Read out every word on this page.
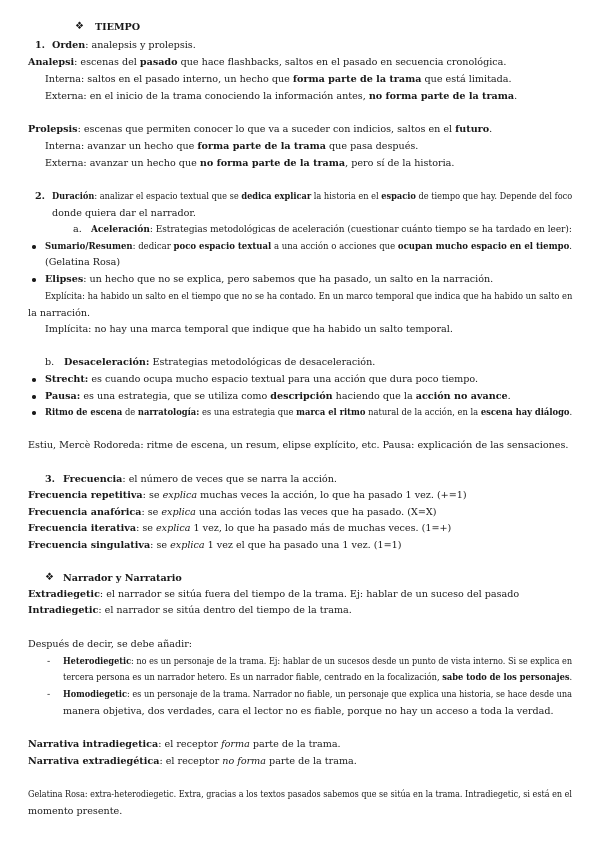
❖ TIEMPO
1. Orden: analepsis y prolepsis.
Analepsi: escenas del pasado que hace flashbacks, saltos en el pasado en secuencia cronológica.
Interna: saltos en el pasado interno, un hecho que forma parte de la trama que está limitada.
Externa: en el inicio de la trama conociendo la información antes, no forma parte de la trama.
Prolepsis: escenas que permiten conocer lo que va a suceder con indicios, saltos en el futuro.
Interna: avanzar un hecho que forma parte de la trama que pasa después.
Externa: avanzar un hecho que no forma parte de la trama, pero sí de la historia.
2. Duración: analizar el espacio textual que se dedica explicar la historia en el espacio de tiempo que hay. Depende del foco
donde quiera dar el narrador.
a. Aceleración: Estrategias metodológicas de aceleración (cuestionar cuánto tiempo se ha tardado en leer):
Sumario/Resumen: dedicar poco espacio textual a una acción o acciones que ocupan mucho espacio en el tiempo.
(Gelatina Rosa)
Elipses: un hecho que no se explica, pero sabemos que ha pasado, un salto en la narración.
Explícita: ha habido un salto en el tiempo que no se ha contado. En un marco temporal que indica que ha habido un salto en
la narración.
Implícita: no hay una marca temporal que indique que ha habido un salto temporal.
b. Desaceleración: Estrategias metodológicas de desaceleración.
Strecht: es cuando ocupa mucho espacio textual para una acción que dura poco tiempo.
Pausa: es una estrategia, que se utiliza como descripción haciendo que la acción no avance.
Ritmo de escena de narratología: es una estrategia que marca el ritmo natural de la acción, en la escena hay diálogo.
Estiu, Mercè Rodoreda: ritme de escena, un resum, elipse explícito, etc. Pausa: explicación de las sensaciones.
3. Frecuencia: el número de veces que se narra la acción.
Frecuencia repetitiva: se explica muchas veces la acción, lo que ha pasado 1 vez. (+=1)
Frecuencia anafórica: se explica una acción todas las veces que ha pasado. (X=X)
Frecuencia iterativa: se explica 1 vez, lo que ha pasado más de muchas veces. (1=+)
Frecuencia singulativa: se explica 1 vez el que ha pasado una 1 vez. (1=1)
❖ Narrador y Narratario
Extradiegetic: el narrador se sitúa fuera del tiempo de la trama. Ej: hablar de un suceso del pasado
Intradiegetic: el narrador se sitúa dentro del tiempo de la trama.
Después de decir, se debe añadir:
- Heterodiegetic: no es un personaje de la trama. Ej: hablar de un sucesos desde un punto de vista interno. Si se explica en
tercera persona es un narrador hetero. Es un narrador fiable, centrado en la focalización, sabe todo de los personajes.
- Homodiegetic: es un personaje de la trama. Narrador no fiable, un personaje que explica una historia, se hace desde una
manera objetiva, dos verdades, cara el lector no es fiable, porque no hay un acceso a toda la verdad.
Narrativa intradiegetica: el receptor forma parte de la trama.
Narrativa extradiegética: el receptor no forma parte de la trama.
Gelatina Rosa: extra-heterodiegetic. Extra, gracias a los textos pasados sabemos que se sitúa en la trama. Intradiegetic, si está en el
momento presente.
